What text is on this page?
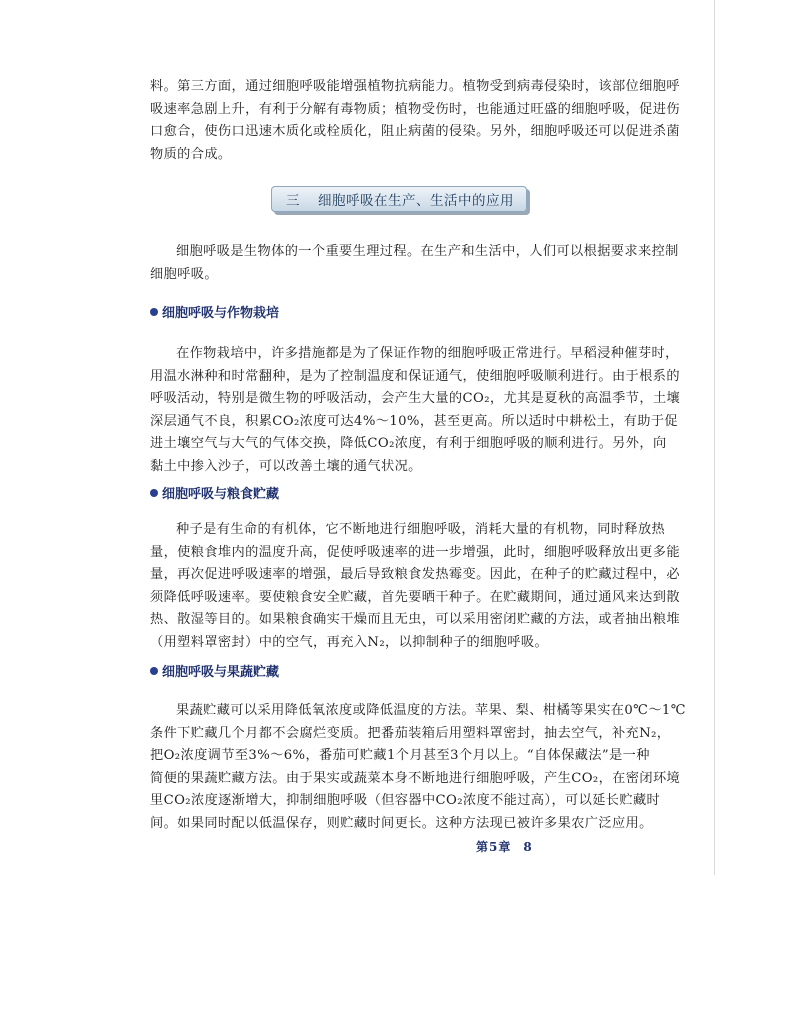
料。第三方面，通过细胞呼吸能增强植物抗病能力。植物受到病毒侵染时，该部位细胞呼
吸速率急剧上升，有利于分解有毒物质；植物受伤时，也能通过旺盛的细胞呼吸，促进伤
口愈合，使伤口迅速木质化或栓质化，阻止病菌的侵染。另外，细胞呼吸还可以促进杀菌
物质的合成。
三 细胞呼吸在生产、生活中的应用
细胞呼吸是生物体的一个重要生理过程。在生产和生活中，人们可以根据要求来控制
细胞呼吸。
细胞呼吸与作物栽培
在作物栽培中，许多措施都是为了保证作物的细胞呼吸正常进行。早稻浸种催芽时，
用温水淋种和时常翻种，是为了控制温度和保证通气，使细胞呼吸顺利进行。由于根系的
呼吸活动，特别是微生物的呼吸活动，会产生大量的CO₂，尤其是夏秋的高温季节，土壤
深层通气不良，积累CO₂浓度可达4%～10%，甚至更高。所以适时中耕松土，有助于促
进土壤空气与大气的气体交换，降低CO₂浓度，有利于细胞呼吸的顺利进行。另外，向
黏土中掺入沙子，可以改善土壤的通气状况。
细胞呼吸与粮食贮藏
种子是有生命的有机体，它不断地进行细胞呼吸，消耗大量的有机物，同时释放热
量，使粮食堆内的温度升高，促使呼吸速率的进一步增强，此时，细胞呼吸释放出更多能
量，再次促进呼吸速率的增强，最后导致粮食发热霉变。因此，在种子的贮藏过程中，必
须降低呼吸速率。要使粮食安全贮藏，首先要晒干种子。在贮藏期间，通过通风来达到散
热、散湿等目的。如果粮食确实干燥而且无虫，可以采用密闭贮藏的方法，或者抽出粮堆
（用塑料罩密封）中的空气，再充入N₂，以抑制种子的细胞呼吸。
细胞呼吸与果蔬贮藏
果蔬贮藏可以采用降低氧浓度或降低温度的方法。苹果、梨、柑橘等果实在0℃～1℃
条件下贮藏几个月都不会腐烂变质。把番茄装箱后用塑料罩密封，抽去空气，补充N₂，
把O₂浓度调节至3%～6%，番茄可贮藏1个月甚至3个月以上。“自体保藏法”是一种
简便的果蔬贮藏方法。由于果实或蔬菜本身不断地进行细胞呼吸，产生CO₂，在密闭环境
里CO₂浓度逐渐增大，抑制细胞呼吸（但容器中CO₂浓度不能过高），可以延长贮藏时
间。如果同时配以低温保存，则贮藏时间更长。这种方法现已被许多果农广泛应用。
第5章 8
